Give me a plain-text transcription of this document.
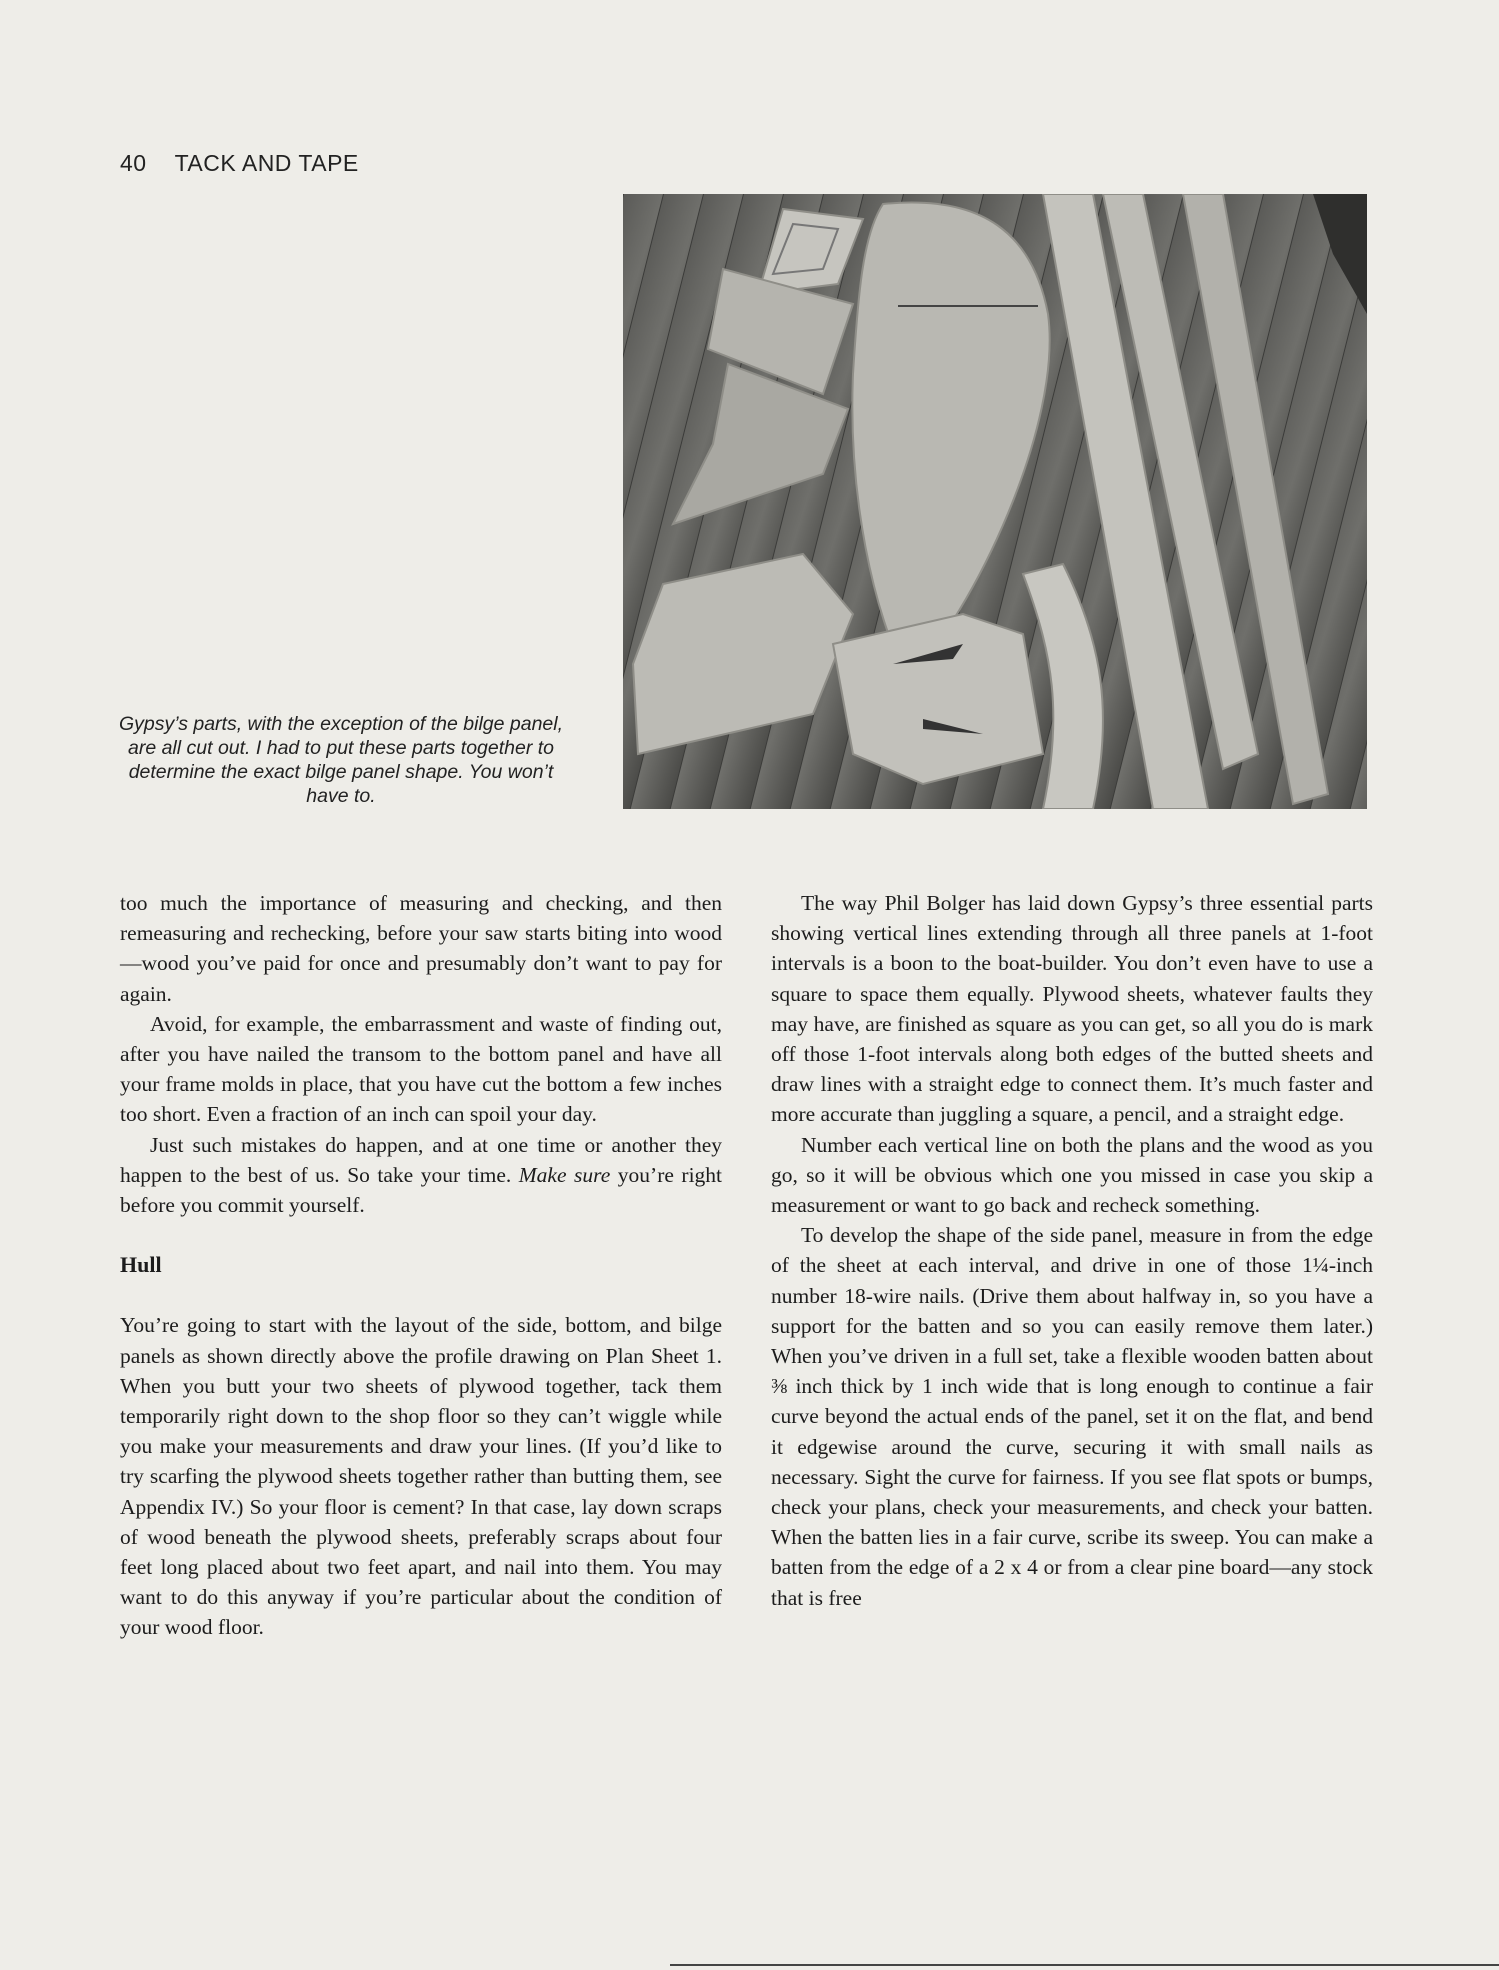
40 TACK AND TAPE
Gypsy’s parts, with the exception of the bilge panel, are all cut out. I had to put these parts together to determine the exact bilge panel shape. You won’t have to.

too much the importance of measuring and checking, and then remeasuring and rechecking, before your saw starts biting into wood—wood you’ve paid for once and presumably don’t want to pay for again.

Avoid, for example, the embarrassment and waste of finding out, after you have nailed the transom to the bottom panel and have all your frame molds in place, that you have cut the bottom a few inches too short. Even a fraction of an inch can spoil your day.

Just such mistakes do happen, and at one time or another they happen to the best of us. So take your time. Make sure you’re right before you commit yourself.

Hull

You’re going to start with the layout of the side, bottom, and bilge panels as shown directly above the profile drawing on Plan Sheet 1. When you butt your two sheets of plywood together, tack them temporarily right down to the shop floor so they can’t wiggle while you make your measurements and draw your lines. (If you’d like to try scarfing the plywood sheets together rather than butting them, see Appendix IV.) So your floor is cement? In that case, lay down scraps of wood beneath the plywood sheets, preferably scraps about four feet long placed about two feet apart, and nail into them. You may want to do this anyway if you’re particular about the condition of your wood floor.

The way Phil Bolger has laid down Gypsy’s three essential parts showing vertical lines extending through all three panels at 1-foot intervals is a boon to the boat-builder. You don’t even have to use a square to space them equally. Plywood sheets, whatever faults they may have, are finished as square as you can get, so all you do is mark off those 1-foot intervals along both edges of the butted sheets and draw lines with a straight edge to connect them. It’s much faster and more accurate than juggling a square, a pencil, and a straight edge.

Number each vertical line on both the plans and the wood as you go, so it will be obvious which one you missed in case you skip a measurement or want to go back and recheck something.

To develop the shape of the side panel, measure in from the edge of the sheet at each interval, and drive in one of those 1¼-inch number 18-wire nails. (Drive them about halfway in, so you have a support for the batten and so you can easily remove them later.) When you’ve driven in a full set, take a flexible wooden batten about ⅜ inch thick by 1 inch wide that is long enough to continue a fair curve beyond the actual ends of the panel, set it on the flat, and bend it edgewise around the curve, securing it with small nails as necessary. Sight the curve for fairness. If you see flat spots or bumps, check your plans, check your measurements, and check your batten. When the batten lies in a fair curve, scribe its sweep. You can make a batten from the edge of a 2 x 4 or from a clear pine board—any stock that is free
